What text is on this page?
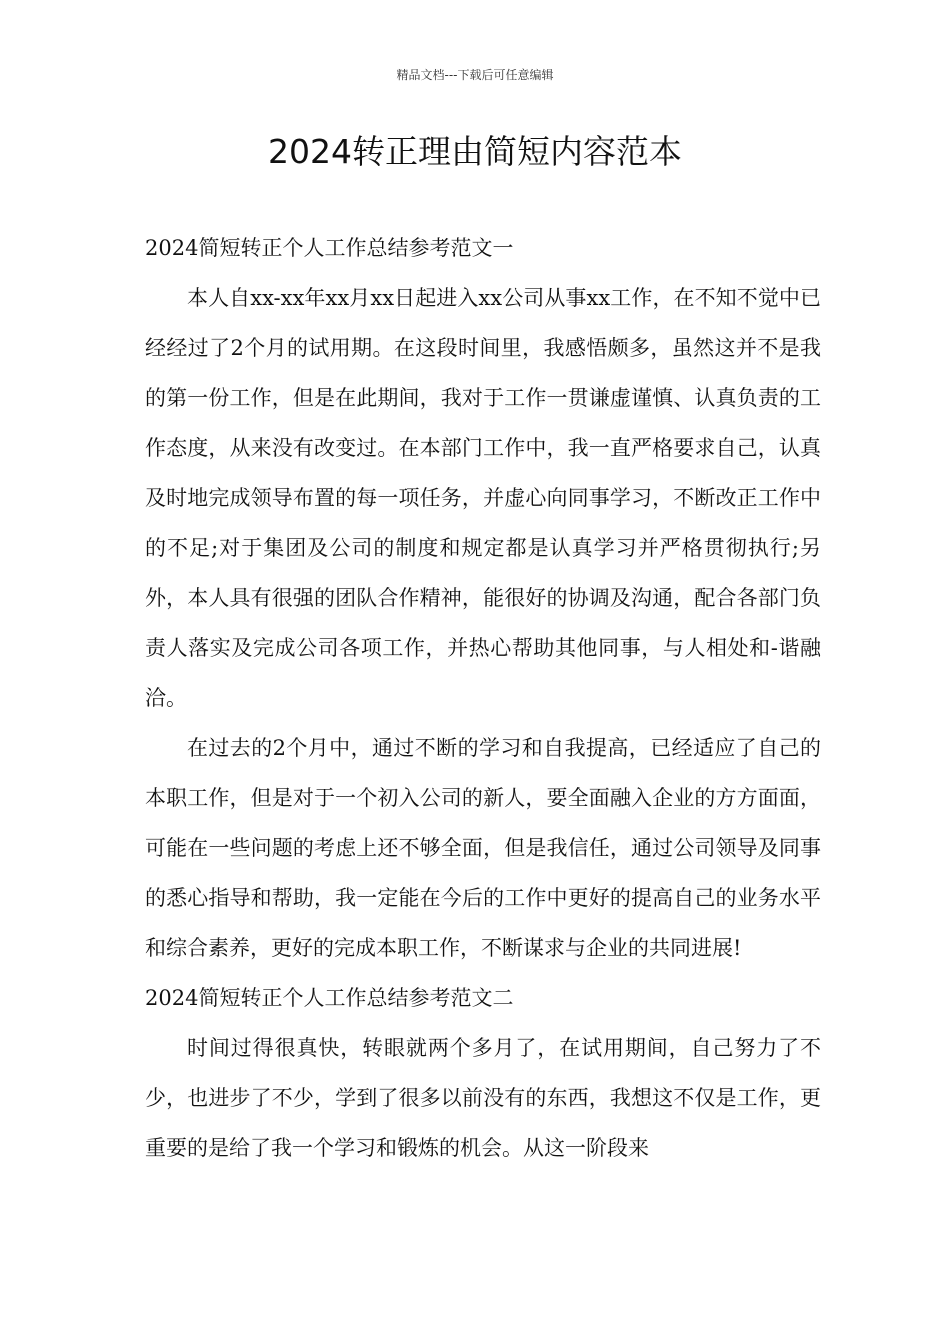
精品文档---下载后可任意编辑
2024转正理由简短内容范本

2024简短转正个人工作总结参考范文一

本人自xx-xx年xx月xx日起进入xx公司从事xx工作，在不知不觉中已经经过了2个月的试用期。在这段时间里，我感悟颇多，虽然这并不是我的第一份工作，但是在此期间，我对于工作一贯谦虚谨慎、认真负责的工作态度，从来没有改变过。在本部门工作中，我一直严格要求自己，认真及时地完成领导布置的每一项任务，并虚心向同事学习，不断改正工作中的不足;对于集团及公司的制度和规定都是认真学习并严格贯彻执行;另外，本人具有很强的团队合作精神，能很好的协调及沟通，配合各部门负责人落实及完成公司各项工作，并热心帮助其他同事，与人相处和-谐融洽。

在过去的2个月中，通过不断的学习和自我提高，已经适应了自己的本职工作，但是对于一个初入公司的新人，要全面融入企业的方方面面，可能在一些问题的考虑上还不够全面，但是我信任，通过公司领导及同事的悉心指导和帮助，我一定能在今后的工作中更好的提高自己的业务水平和综合素养，更好的完成本职工作，不断谋求与企业的共同进展!

2024简短转正个人工作总结参考范文二

时间过得很真快，转眼就两个多月了，在试用期间，自己努力了不少，也进步了不少，学到了很多以前没有的东西，我想这不仅是工作，更重要的是给了我一个学习和锻炼的机会。从这一阶段来
